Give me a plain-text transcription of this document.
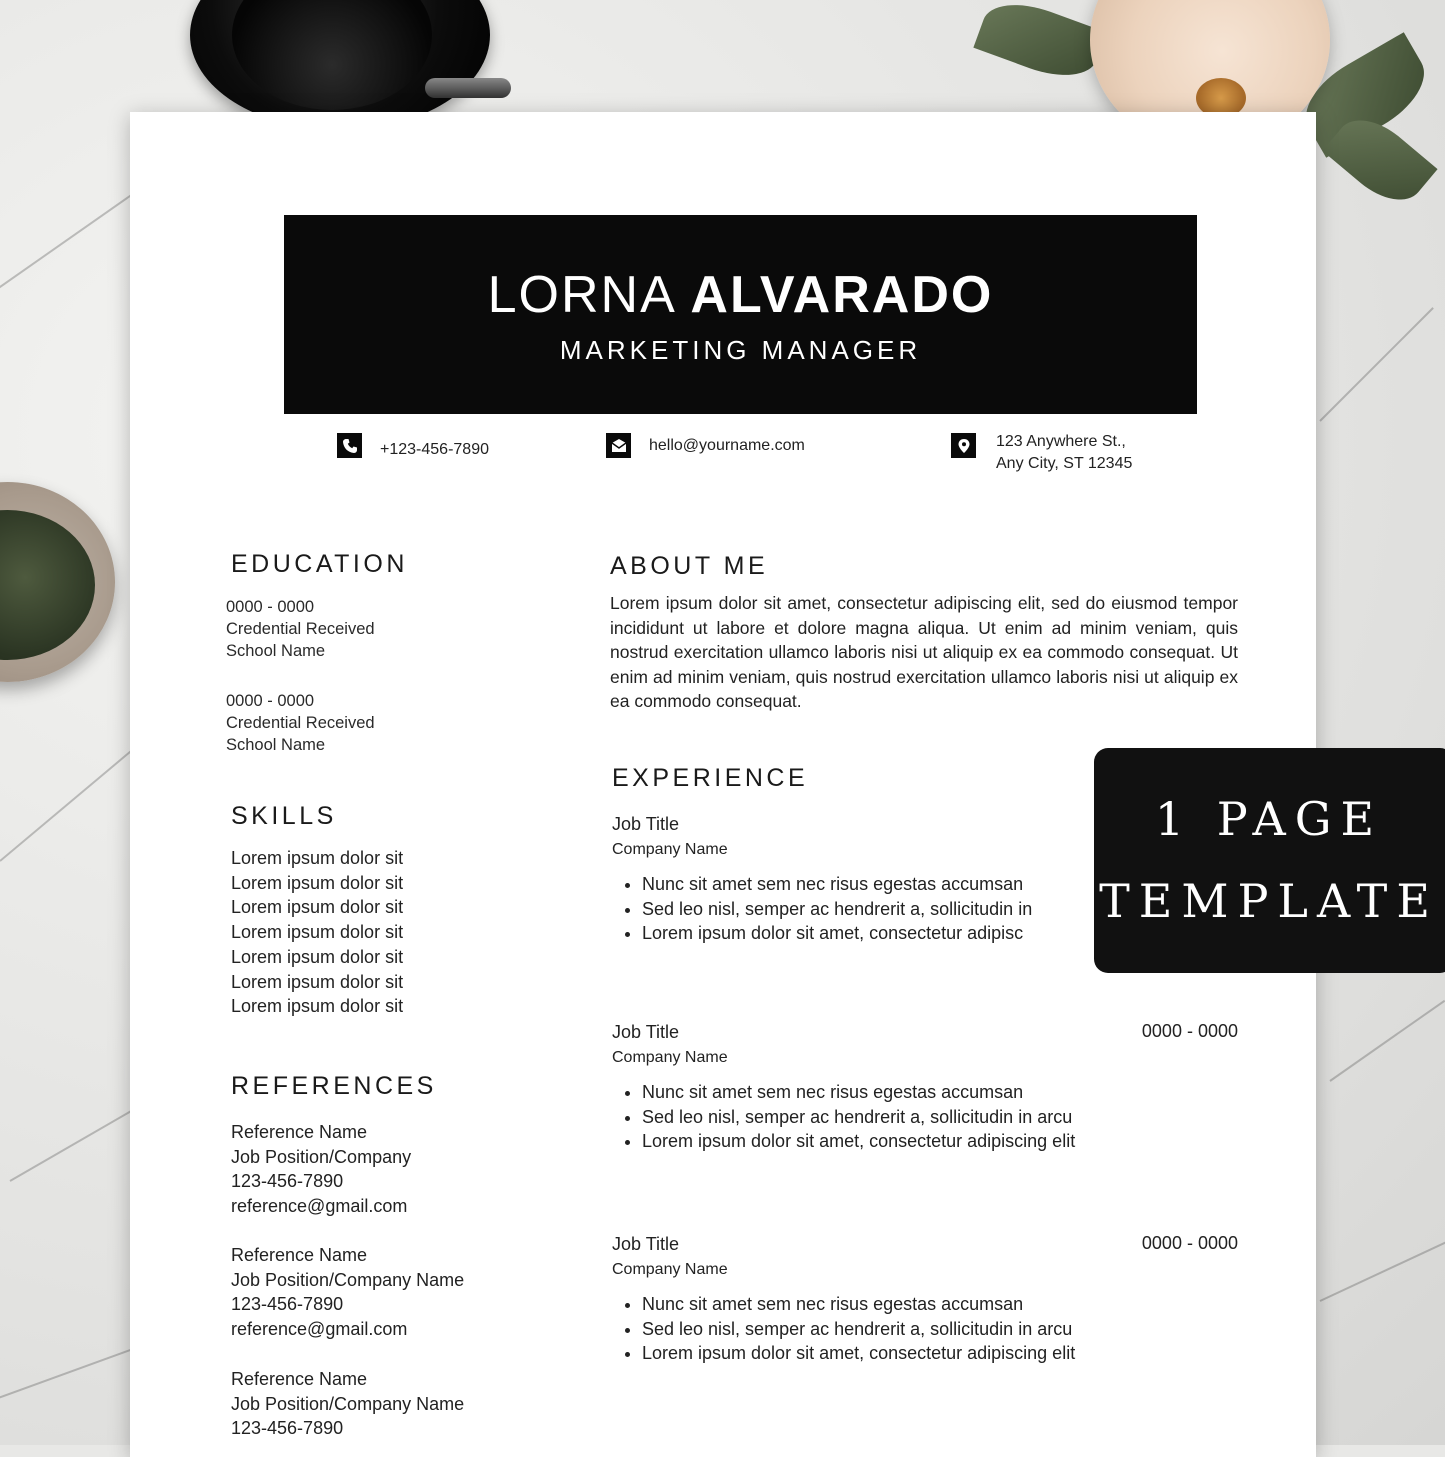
LORNA ALVARADO
MARKETING MANAGER
+123-456-7890	hello@yourname.com	123 Anywhere St.,
Any City, ST 12345
EDUCATION
0000 - 0000
Credential Received
School Name
0000 - 0000
Credential Received
School Name
SKILLS
Lorem ipsum dolor sit
Lorem ipsum dolor sit
Lorem ipsum dolor sit
Lorem ipsum dolor sit
Lorem ipsum dolor sit
Lorem ipsum dolor sit
Lorem ipsum dolor sit
REFERENCES
Reference Name
Job Position/Company
123-456-7890
reference@gmail.com
Reference Name
Job Position/Company Name
123-456-7890
reference@gmail.com
Reference Name
Job Position/Company Name
123-456-7890
ABOUT ME
Lorem ipsum dolor sit amet, consectetur adipiscing elit, sed do eiusmod tempor incididunt ut labore et dolore magna aliqua. Ut enim ad minim veniam, quis nostrud exercitation ullamco laboris nisi ut aliquip ex ea commodo consequat. Ut enim ad minim veniam, quis nostrud exercitation ullamco laboris nisi ut aliquip ex ea commodo consequat.
EXPERIENCE
Job Title
Company Name
• Nunc sit amet sem nec risus egestas accumsan
• Sed leo nisl, semper ac hendrerit a, sollicitudin in
• Lorem ipsum dolor sit amet, consectetur adipisc
Job Title	0000 - 0000
Company Name
• Nunc sit amet sem nec risus egestas accumsan
• Sed leo nisl, semper ac hendrerit a, sollicitudin in arcu
• Lorem ipsum dolor sit amet, consectetur adipiscing elit
Job Title	0000 - 0000
Company Name
• Nunc sit amet sem nec risus egestas accumsan
• Sed leo nisl, semper ac hendrerit a, sollicitudin in arcu
• Lorem ipsum dolor sit amet, consectetur adipiscing elit
1 PAGE
TEMPLATE
